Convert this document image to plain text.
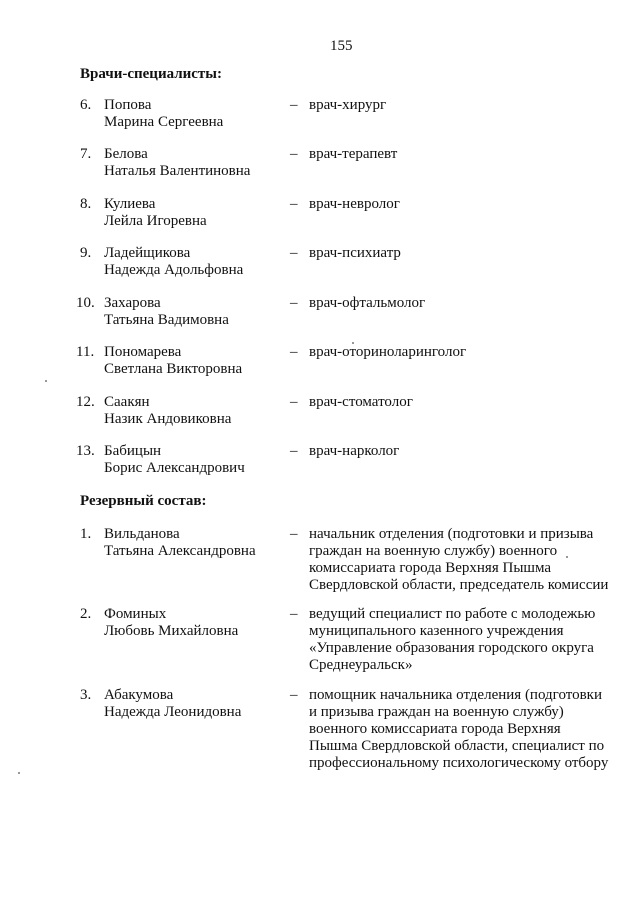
155
Врачи-специалисты:
6. Попова
Марина Сергеевна
– врач-хирург
7. Белова
Наталья Валентиновна
– врач-терапевт
8. Кулиева
Лейла Игоревна
– врач-невролог
9. Ладейщикова
Надежда Адольфовна
– врач-психиатр
10. Захарова
Татьяна Вадимовна
– врач-офтальмолог
11. Пономарева
Светлана Викторовна
– врач-оториноларинголог
12. Саакян
Назик Андовиковна
– врач-стоматолог
13. Бабицын
Борис Александрович
– врач-нарколог
Резервный состав:
1. Вильданова
Татьяна Александровна
– начальник отделения (подготовки и призыва
граждан на военную службу) военного
комиссариата города Верхняя Пышма
Свердловской области, председатель комиссии
2. Фоминых
Любовь Михайловна
– ведущий специалист по работе с молодежью
муниципального казенного учреждения
«Управление образования городского округа
Среднеуральск»
3. Абакумова
Надежда Леонидовна
– помощник начальника отделения (подготовки
и призыва граждан на военную службу)
военного комиссариата города Верхняя
Пышма Свердловской области, специалист по
профессиональному психологическому отбору
